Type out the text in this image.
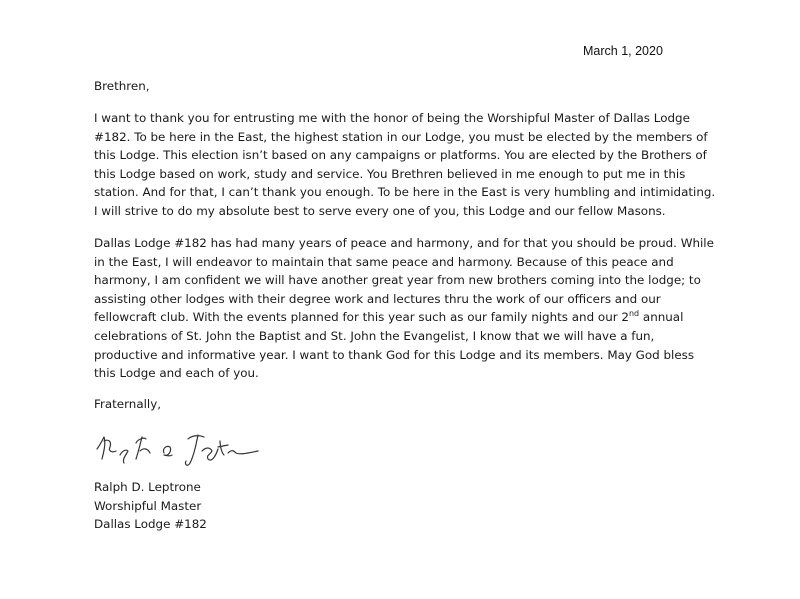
March 1, 2020
Brethren,
I want to thank you for entrusting me with the honor of being the Worshipful Master of Dallas Lodge
#182. To be here in the East, the highest station in our Lodge, you must be elected by the members of
this Lodge. This election isn’t based on any campaigns or platforms. You are elected by the Brothers of
this Lodge based on work, study and service. You Brethren believed in me enough to put me in this
station. And for that, I can’t thank you enough. To be here in the East is very humbling and intimidating.
I will strive to do my absolute best to serve every one of you, this Lodge and our fellow Masons.
Dallas Lodge #182 has had many years of peace and harmony, and for that you should be proud. While
in the East, I will endeavor to maintain that same peace and harmony. Because of this peace and
harmony, I am confident we will have another great year from new brothers coming into the lodge; to
assisting other lodges with their degree work and lectures thru the work of our officers and our
fellowcraft club. With the events planned for this year such as our family nights and our 2nd annual
celebrations of St. John the Baptist and St. John the Evangelist, I know that we will have a fun,
productive and informative year. I want to thank God for this Lodge and its members. May God bless
this Lodge and each of you.
Fraternally,
Ralph D. Leptrone
Worshipful Master
Dallas Lodge #182
